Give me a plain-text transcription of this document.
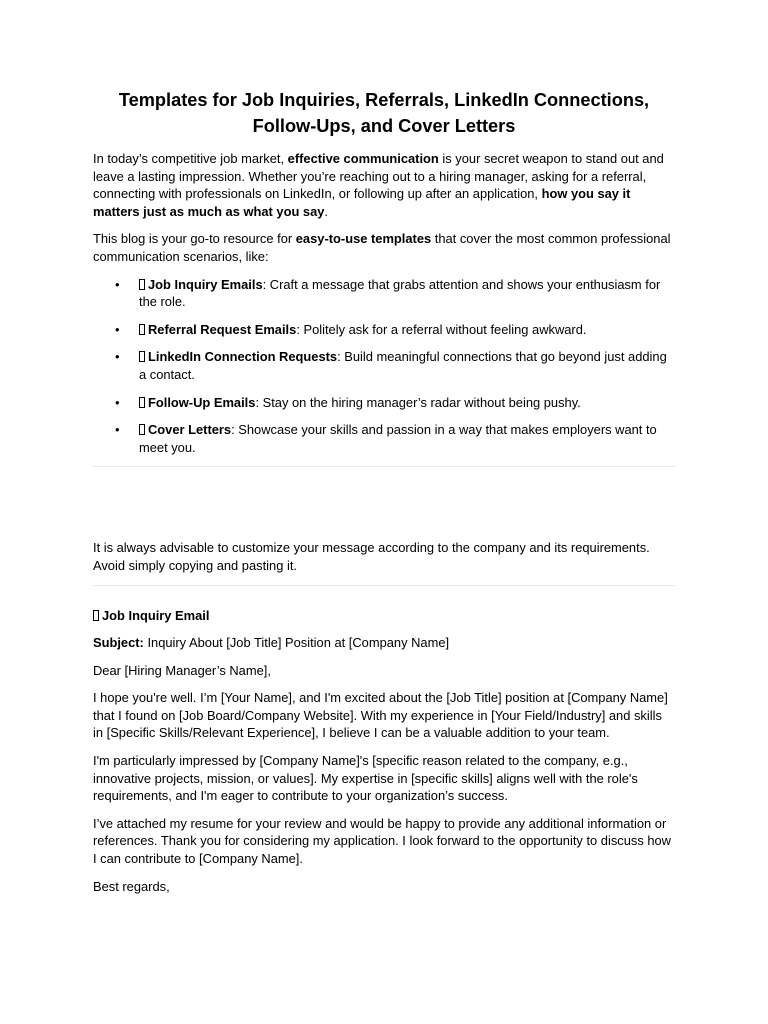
Templates for Job Inquiries, Referrals, LinkedIn Connections, Follow-Ups, and Cover Letters

In today’s competitive job market, effective communication is your secret weapon to stand out and leave a lasting impression. Whether you’re reaching out to a hiring manager, asking for a referral, connecting with professionals on LinkedIn, or following up after an application, how you say it matters just as much as what you say.

This blog is your go-to resource for easy-to-use templates that cover the most common professional communication scenarios, like:

• Job Inquiry Emails: Craft a message that grabs attention and shows your enthusiasm for the role.
• Referral Request Emails: Politely ask for a referral without feeling awkward.
• LinkedIn Connection Requests: Build meaningful connections that go beyond just adding a contact.
• Follow-Up Emails: Stay on the hiring manager’s radar without being pushy.
• Cover Letters: Showcase your skills and passion in a way that makes employers want to meet you.

It is always advisable to customize your message according to the company and its requirements. Avoid simply copying and pasting it.

Job Inquiry Email

Subject: Inquiry About [Job Title] Position at [Company Name]

Dear [Hiring Manager’s Name],

I hope you're well. I’m [Your Name], and I'm excited about the [Job Title] position at [Company Name] that I found on [Job Board/Company Website]. With my experience in [Your Field/Industry] and skills in [Specific Skills/Relevant Experience], I believe I can be a valuable addition to your team.

I'm particularly impressed by [Company Name]'s [specific reason related to the company, e.g., innovative projects, mission, or values]. My expertise in [specific skills] aligns well with the role's requirements, and I'm eager to contribute to your organization’s success.

I’ve attached my resume for your review and would be happy to provide any additional information or references. Thank you for considering my application. I look forward to the opportunity to discuss how I can contribute to [Company Name].

Best regards,
